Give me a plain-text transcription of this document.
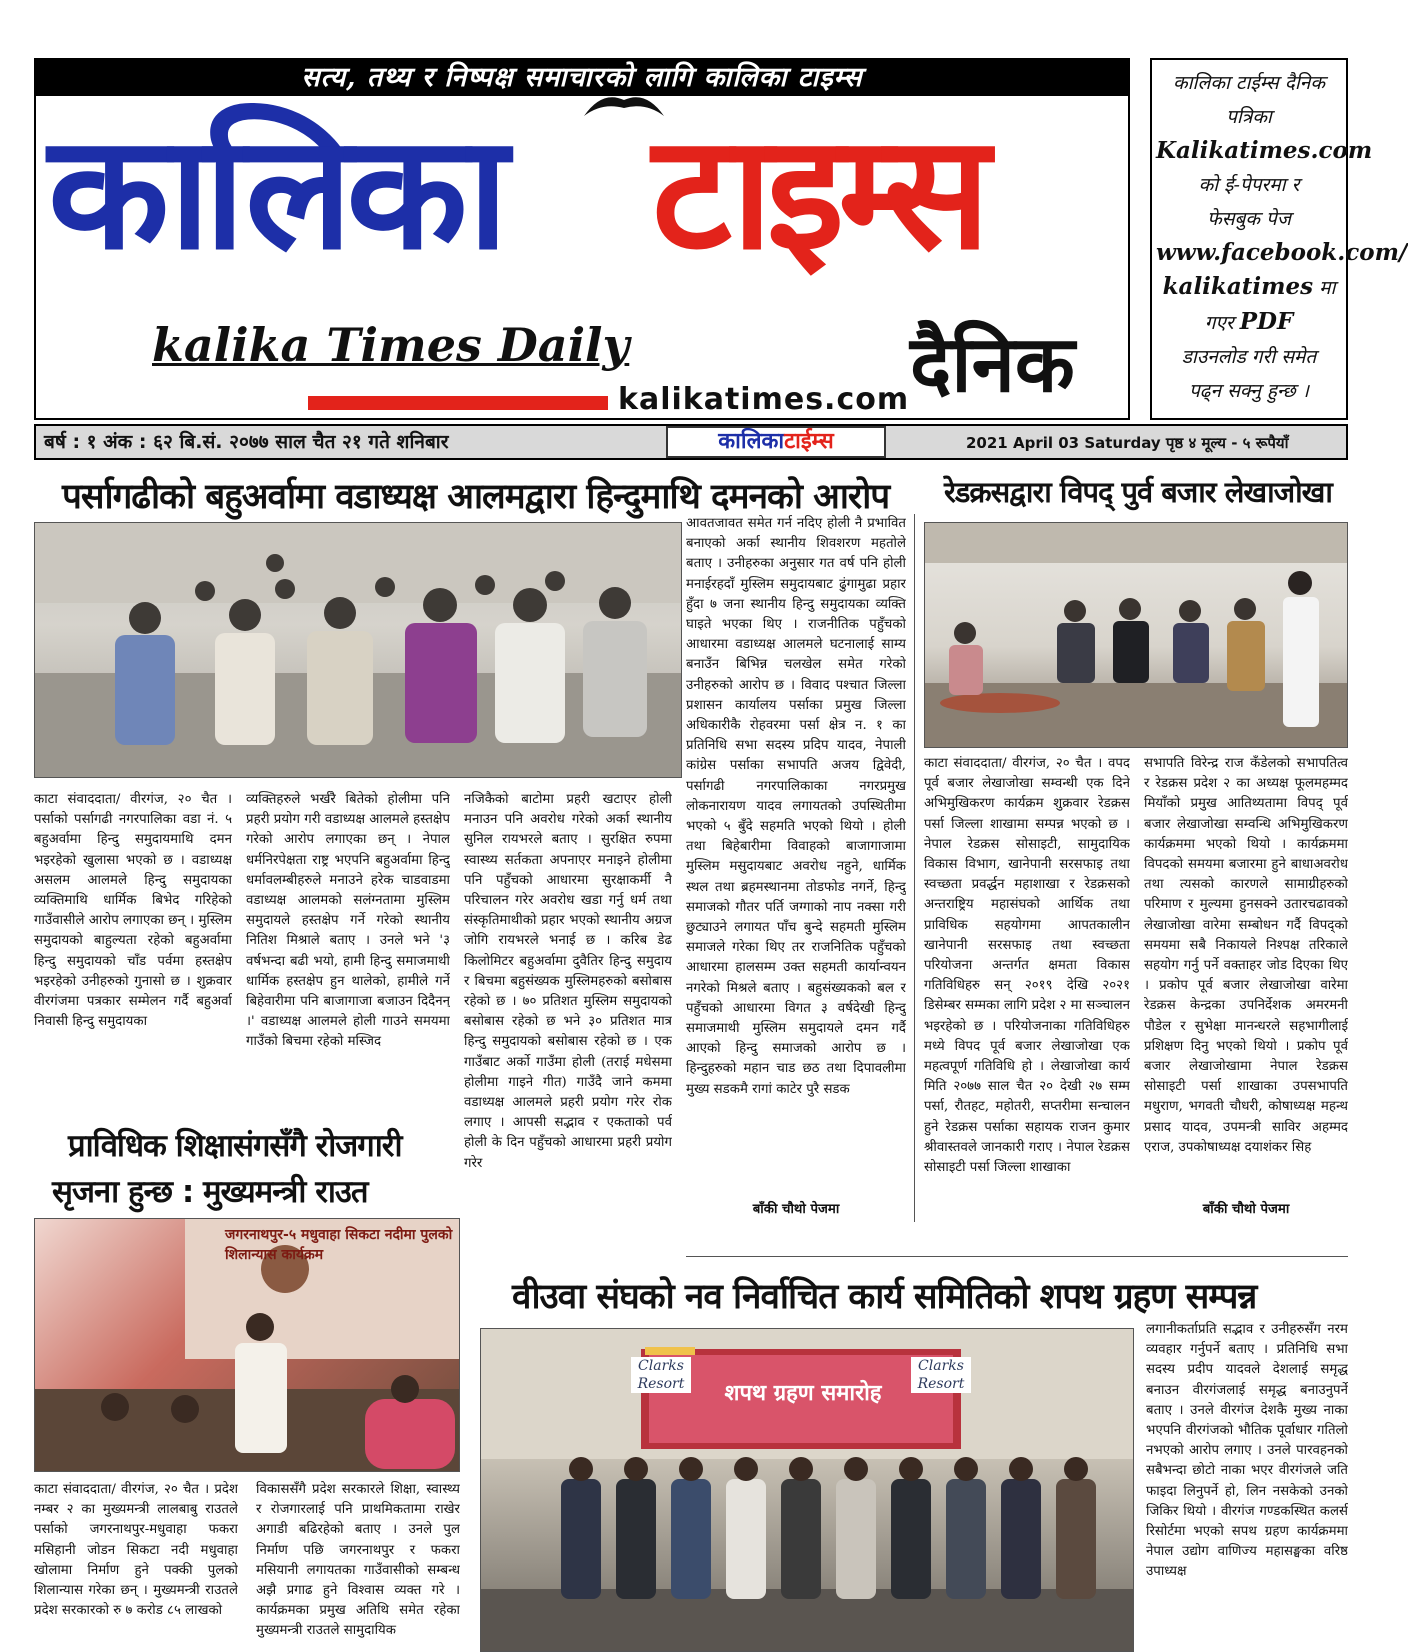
सत्य, तथ्य र निष्पक्ष समाचारको लागि कालिका टाइम्स
कालिका टाइम्स
kalika Times Daily
kalikatimes.com दैनिक
कालिका टाईम्स दैनिक
पत्रिका
Kalikatimes.com
को ई-पेपरमा र
फेसबुक पेज
www.facebook.com/
kalikatimes मा
गएर PDF
डाउनलोड गरी समेत
पढ्न सक्नु हुन्छ ।
बर्ष : १ अंक : ६२ बि.सं. २०७७ साल चैत २१ गते शनिबार	कालिकाटाईम्स	2021 April 03 Saturday पृष्ठ ४ मूल्य - ५ रूपैयाँ
पर्सागढीको बहुअर्वामा वडाध्यक्ष आलमद्वारा हिन्दुमाथि दमनको आरोप
काटा संवाददाता/ वीरगंज, २० चैत । पर्साको पर्सागढी नगरपालिका वडा नं. ५ बहुअर्वामा हिन्दु समुदायमाथि दमन भइरहेको खुलासा भएको छ । वडाध्यक्ष असलम आलमले हिन्दु समुदायका व्यक्तिमाथि धार्मिक बिभेद गरिहेको गाउँवासीले आरोप लगाएका छन् । मुस्लिम समुदायको बाहुल्यता रहेको बहुअर्वामा हिन्दु समुदायको चाँड पर्वमा हस्तक्षेप भइरहेको उनीहरुको गुनासो छ । शुक्रवार वीरगंजमा पत्रकार सम्मेलन गर्दै बहुअर्वा निवासी हिन्दु समुदायका
व्यक्तिहरुले भर्खरै बितेको होलीमा पनि प्रहरी प्रयोग गरी वडाध्यक्ष आलमले हस्तक्षेप गरेको आरोप लगाएका छन् । नेपाल धर्मनिरपेक्षता राष्ट्र भएपनि बहुअर्वामा हिन्दु धर्मावलम्बीहरुले मनाउने हरेक चाडवाडमा वडाध्यक्ष आलमको सलंग्नतामा मुस्लिम समुदायले हस्तक्षेप गर्ने गरेको स्थानीय नितिश मिश्राले बताए । उनले भने '३ वर्षभन्दा बढी भयो, हामी हिन्दु समाजमाथी धार्मिक हस्तक्षेप हुन थालेको, हामीले गर्ने बिहेवारीमा पनि बाजागाजा बजाउन दिदैनन् ।' वडाध्यक्ष आलमले होली गाउने समयमा गाउँको बिचमा रहेको मस्जिद
नजिकैको बाटोमा प्रहरी खटाएर होली मनाउन पनि अवरोध गरेको अर्का स्थानीय सुनिल रायभरले बताए । सुरक्षित रुपमा स्वास्थ्य सर्तकता अपनाएर मनाइने होलीमा पनि पहुँचको आधारमा सुरक्षाकर्मी नै परिचालन गरेर अवरोध खडा गर्नु धर्म तथा संस्कृतिमाथीको प्रहार भएको स्थानीय अग्रज जोगि रायभरले भनाई छ । करिब डेढ किलोमिटर बहुअर्वामा दुवैतिर हिन्दु समुदाय र बिचमा बहुसंख्यक मुस्लिमहरुको बसोबास रहेको छ । ७० प्रतिशत मुस्लिम समुदायको बसोबास रहेको छ भने ३० प्रतिशत मात्र हिन्दु समुदायको बसोबास रहेको छ । एक गाउँबाट अर्को गाउँमा होली (तराई मधेसमा होलीमा गाइने गीत) गाउँदै जाने कममा वडाध्यक्ष आलमले प्रहरी प्रयोग गरेर रोक लगाए । आपसी सद्भाव र एकताको पर्व होली के दिन पहुँचको आधारमा प्रहरी प्रयोग गरेर
आवतजावत समेत गर्न नदिए होली नै प्रभावित बनाएको अर्का स्थानीय शिवशरण महतोले बताए । उनीहरुका अनुसार गत वर्ष पनि होली मनाईरहदाँ मुस्लिम समुदायबाट ढुंगामुढा प्रहार हुँदा ७ जना स्थानीय हिन्दु समुदायका व्यक्ति घाइते भएका थिए । राजनीतिक पहुँचको आधारमा वडाध्यक्ष आलमले घटनालाई साम्य बनाउँन बिभिन्न चलखेल समेत गरेको उनीहरुको आरोप छ । विवाद पश्चात जिल्ला प्रशासन कार्यालय पर्साका प्रमुख जिल्ला अधिकारीकै रोहवरमा पर्सा क्षेत्र न. १ का प्रतिनिधि सभा सदस्य प्रदिप यादव, नेपाली कांग्रेस पर्साका सभापति अजय द्विवेदी, पर्सागढी नगरपालिकाका नगरप्रमुख लोकनारायण यादव लगायतको उपस्थितीमा भएको ५ बुँदे सहमति भएको थियो । होली तथा बिहेबारीमा विवाहको बाजागाजामा मुस्लिम मसुदायबाट अवरोध नहुने, धार्मिक स्थल तथा ब्रहमस्थानमा तोडफोड नगर्ने, हिन्दु समाजको गौतर पर्ति जग्गाको नाप नक्सा गरी छुट्याउने लगायत पाँच बुन्दे सहमती मुस्लिम समाजले गरेका थिए तर राजनितिक पहुँचको आधारमा हालसम्म उक्त सहमती कार्यान्वयन नगरेको मिश्रले बताए । बहुसंख्यकको बल र पहुँचको आधारमा विगत ३ वर्षदेखी हिन्दु समाजमाथी मुस्लिम समुदायले दमन गर्दै आएको हिन्दु समाजको आरोप छ । हिन्दुहरुको महान चाड छठ तथा दिपावलीमा मुख्य सडकमै रागां काटेर पुरै सडक
बाँकी चौथो पेजमा
रेडक्रसद्वारा विपद् पुर्व बजार लेखाजोखा
काटा संवाददाता/ वीरगंज, २० चैत । वपद पूर्व बजार लेखाजोखा सम्वन्धी एक दिने अभिमुखिकरण कार्यक्रम शुक्रवार रेडक्रस पर्सा जिल्ला शाखामा सम्पन्न भएको छ । नेपाल रेडक्रस सोसाइटी, सामुदायिक विकास विभाग, खानेपानी सरसफाइ तथा स्वच्छता प्रवर्द्धन महाशाखा र रेडक्रसको अन्तराष्ट्रिय महासंघको आर्थिक तथा प्राविधिक सहयोगमा आपतकालीन खानेपानी सरसफाइ तथा स्वच्छता परियोजना अन्तर्गत क्षमता विकास गतिविधिहरु सन् २०१९ देखि २०२१ डिसेम्बर सम्मका लागि प्रदेश २ मा सञ्चालन भइरहेको छ । परियोजनाका गतिविधिहरु मध्ये विपद पूर्व बजार लेखाजोखा एक महत्वपूर्ण गतिविधि हो । लेखाजोखा कार्य मिति २०७७ साल चैत २० देखी २७ सम्म पर्सा, रौतहट, महोतरी, सप्तरीमा सन्चालन हुने रेडक्रस पर्साका सहायक राजन कुमार श्रीवास्तवले जानकारी गराए । नेपाल रेडक्रस सोसाइटी पर्सा जिल्ला शाखाका
सभापति विरेन्द्र राज कँडेलको सभापतित्व र रेडक्रस प्रदेश २ का अध्यक्ष फूलमहम्मद मियाँको प्रमुख आतिथ्यतामा विपद् पूर्व बजार लेखाजोखा सम्वन्धि अभिमुखिकरण कार्यक्रममा भएको थियो । कार्यक्रममा विपदको समयमा बजारमा हुने बाधाअवरोध तथा त्यसको कारणले सामाग्रीहरुको परिमाण र मुल्यमा हुनसक्ने उतारचढावको लेखाजोखा वारेमा सम्बोधन गर्दै विपद्को समयमा सबै निकायले निश्पक्ष तरिकाले सहयोग गर्नु पर्ने वक्ताहर जोड दिएका थिए । प्रकोप पूर्व बजार लेखाजोखा वारेमा रेडक्रस केन्द्रका उपनिर्देशक अमरमनी पौडेल र सुभेक्षा मानन्धरले सहभागीलाई प्रशिक्षण दिनु भएको थियो । प्रकोप पूर्व बजार लेखाजोखामा नेपाल रेडक्रस सोसाइटी पर्सा शाखाका उपसभापति मधुराण, भगवती चौधरी, कोषाध्यक्ष महन्थ प्रसाद यादव, उपमन्त्री साविर अहम्मद एराज, उपकोषाध्यक्ष दयाशंकर सिह
बाँकी चौथो पेजमा
प्राविधिक शिक्षासंगसँगै रोजगारी
सृजना हुन्छ : मुख्यमन्त्री राउत
जगरनाथपुर-५ मधुवाहा सिकटा नदीमा पुलको शिलान्यास कार्यक्रम
काटा संवाददाता/ वीरगंज, २० चैत । प्रदेश नम्बर २ का मुख्यमन्त्री लालबाबु राउतले पर्साको जगरनाथपुर-मधुवाहा फकरा मसिहानी जोडन सिकटा नदी मधुवाहा खोलामा निर्माण हुने पक्की पुलको शिलान्यास गरेका छन् । मुख्यमन्त्री राउतले प्रदेश सरकारको रु ७ करोड ८५ लाखको
विकाससँगै प्रदेश सरकारले शिक्षा, स्वास्थ्य र रोजगारलाई पनि प्राथमिकतामा राखेर अगाडी बढिरहेको बताए । उनले पुल निर्माण पछि जगरनाथपुर र फकरा मसियानी लगायतका गाउँवासीको सम्बन्ध अझै प्रगाढ हुने विश्वास व्यक्त गरे । कार्यक्रमका प्रमुख अतिथि समेत रहेका मुख्यमन्त्री राउतले सामुदायिक
वीउवा संघको नव निर्वाचित कार्य समितिको शपथ ग्रहण सम्पन्न
शपथ ग्रहण समारोह
Clarks Resort
Clarks Resort
लगानीकर्ताप्रति सद्भाव र उनीहरुसँग नरम व्यवहार गर्नुपर्ने बताए । प्रतिनिधि सभा सदस्य प्रदीप यादवले देशलाई समृद्ध बनाउन वीरगंजलाई समृद्ध बनाउनुपर्ने बताए । उनले वीरगंज देशकै मुख्य नाका भएपनि वीरगंजको भौतिक पूर्वाधार गतिलो नभएको आरोप लगाए । उनले पारवहनको सबैभन्दा छोटो नाका भएर वीरगंजले जति फाइदा लिनुपर्ने हो, लिन नसकेको उनको जिकिर थियो । वीरगंज गण्डकस्थित कलर्स रिसोर्टमा भएको सपथ ग्रहण कार्यक्रममा नेपाल उद्योग वाणिज्य महासङ्घका वरिष्ठ उपाध्यक्ष
